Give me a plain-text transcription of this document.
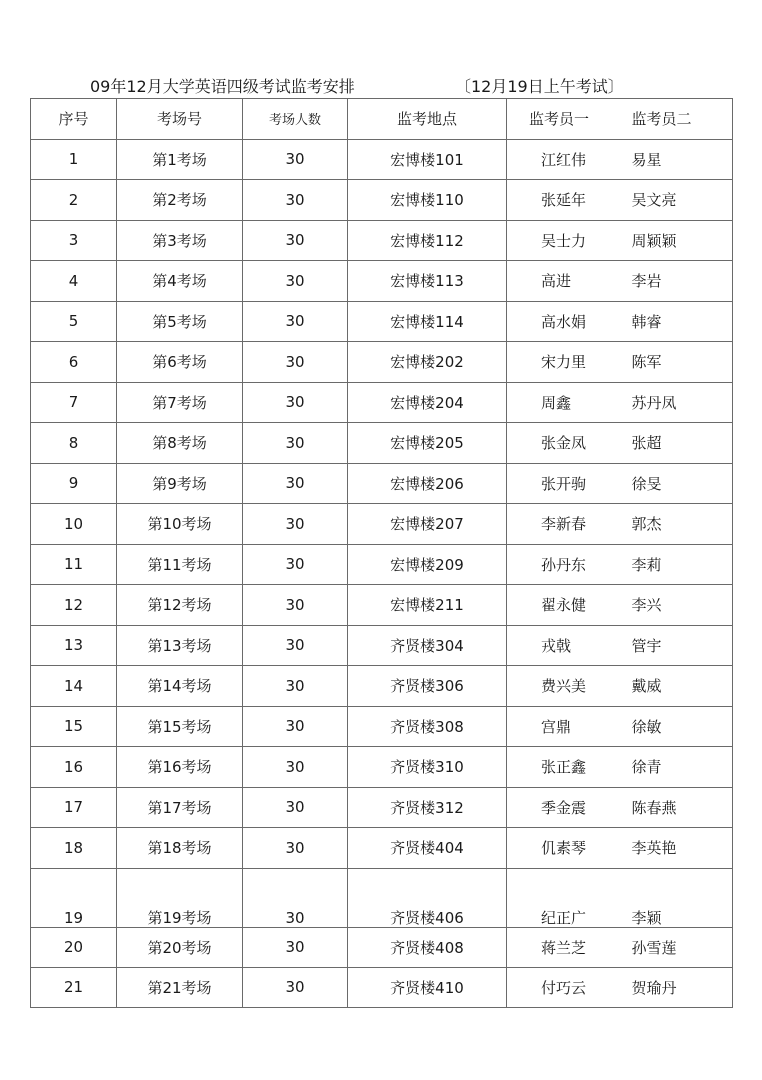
09年12月大学英语四级考试监考安排	〔12月19日上午考试〕
序号	考场号	考场人数	监考地点	监考员一	监考员二
1	第1考场	30	宏博楼101	江红伟	易星
2	第2考场	30	宏博楼110	张延年	吴文亮
3	第3考场	30	宏博楼112	吴士力	周颖颖
4	第4考场	30	宏博楼113	高进	李岩
5	第5考场	30	宏博楼114	高水娟	韩睿
6	第6考场	30	宏博楼202	宋力里	陈军
7	第7考场	30	宏博楼204	周鑫	苏丹凤
8	第8考场	30	宏博楼205	张金凤	张超
9	第9考场	30	宏博楼206	张开驹	徐旻
10	第10考场	30	宏博楼207	李新春	郭杰
11	第11考场	30	宏博楼209	孙丹东	李莉
12	第12考场	30	宏博楼211	翟永健	李兴
13	第13考场	30	齐贤楼304	戎戟	管宇
14	第14考场	30	齐贤楼306	费兴美	戴威
15	第15考场	30	齐贤楼308	宫鼎	徐敏
16	第16考场	30	齐贤楼310	张正鑫	徐青
17	第17考场	30	齐贤楼312	季金震	陈春燕
18	第18考场	30	齐贤楼404	仉素琴	李英艳
19	第19考场	30	齐贤楼406	纪正广	李颖
20	第20考场	30	齐贤楼408	蒋兰芝	孙雪莲
21	第21考场	30	齐贤楼410	付巧云	贺瑜丹
